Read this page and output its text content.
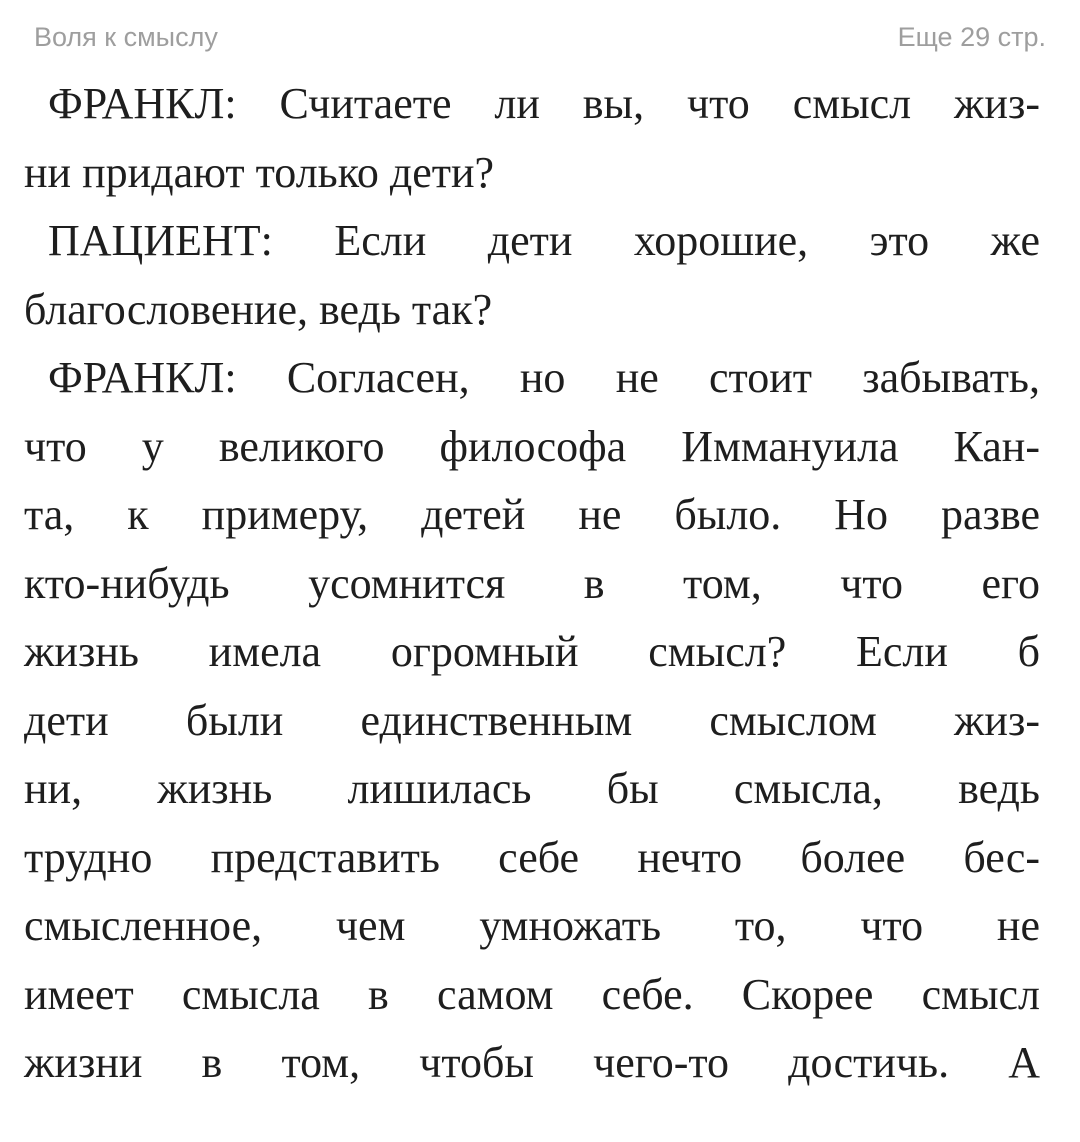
Воля к смыслу	Еще 29 стр.
ФРАНКЛ: Считаете ли вы, что смысл жиз-
ни придают только дети?
ПАЦИЕНТ: Если дети хорошие, это же
благословение, ведь так?
ФРАНКЛ: Согласен, но не стоит забывать,
что у великого философа Иммануила Кан-
та, к примеру, детей не было. Но разве
кто-нибудь усомнится в том, что его
жизнь имела огромный смысл? Если б
дети были единственным смыслом жиз-
ни, жизнь лишилась бы смысла, ведь
трудно представить себе нечто более бес-
смысленное, чем умножать то, что не
имеет смысла в самом себе. Скорее смысл
жизни в том, чтобы чего-то достичь. А
